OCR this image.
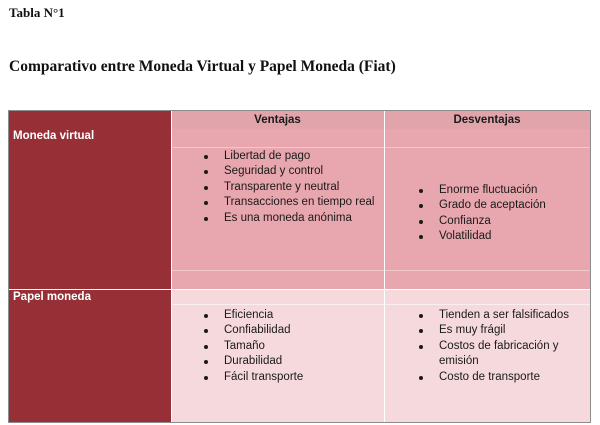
Tabla N°1
Comparativo entre Moneda Virtual y Papel Moneda (Fiat)
Ventajas	Desventajas
Moneda virtual
Libertad de pago
Seguridad y control
Transparente y neutral
Transacciones en tiempo real
Es una moneda anónima
Enorme fluctuación
Grado de aceptación
Confianza
Volatilidad
Papel moneda
Eficiencia
Confiabilidad
Tamaño
Durabilidad
Fácil transporte
Tienden a ser falsificados
Es muy frágil
Costos de fabricación y emisión
Costo de transporte
